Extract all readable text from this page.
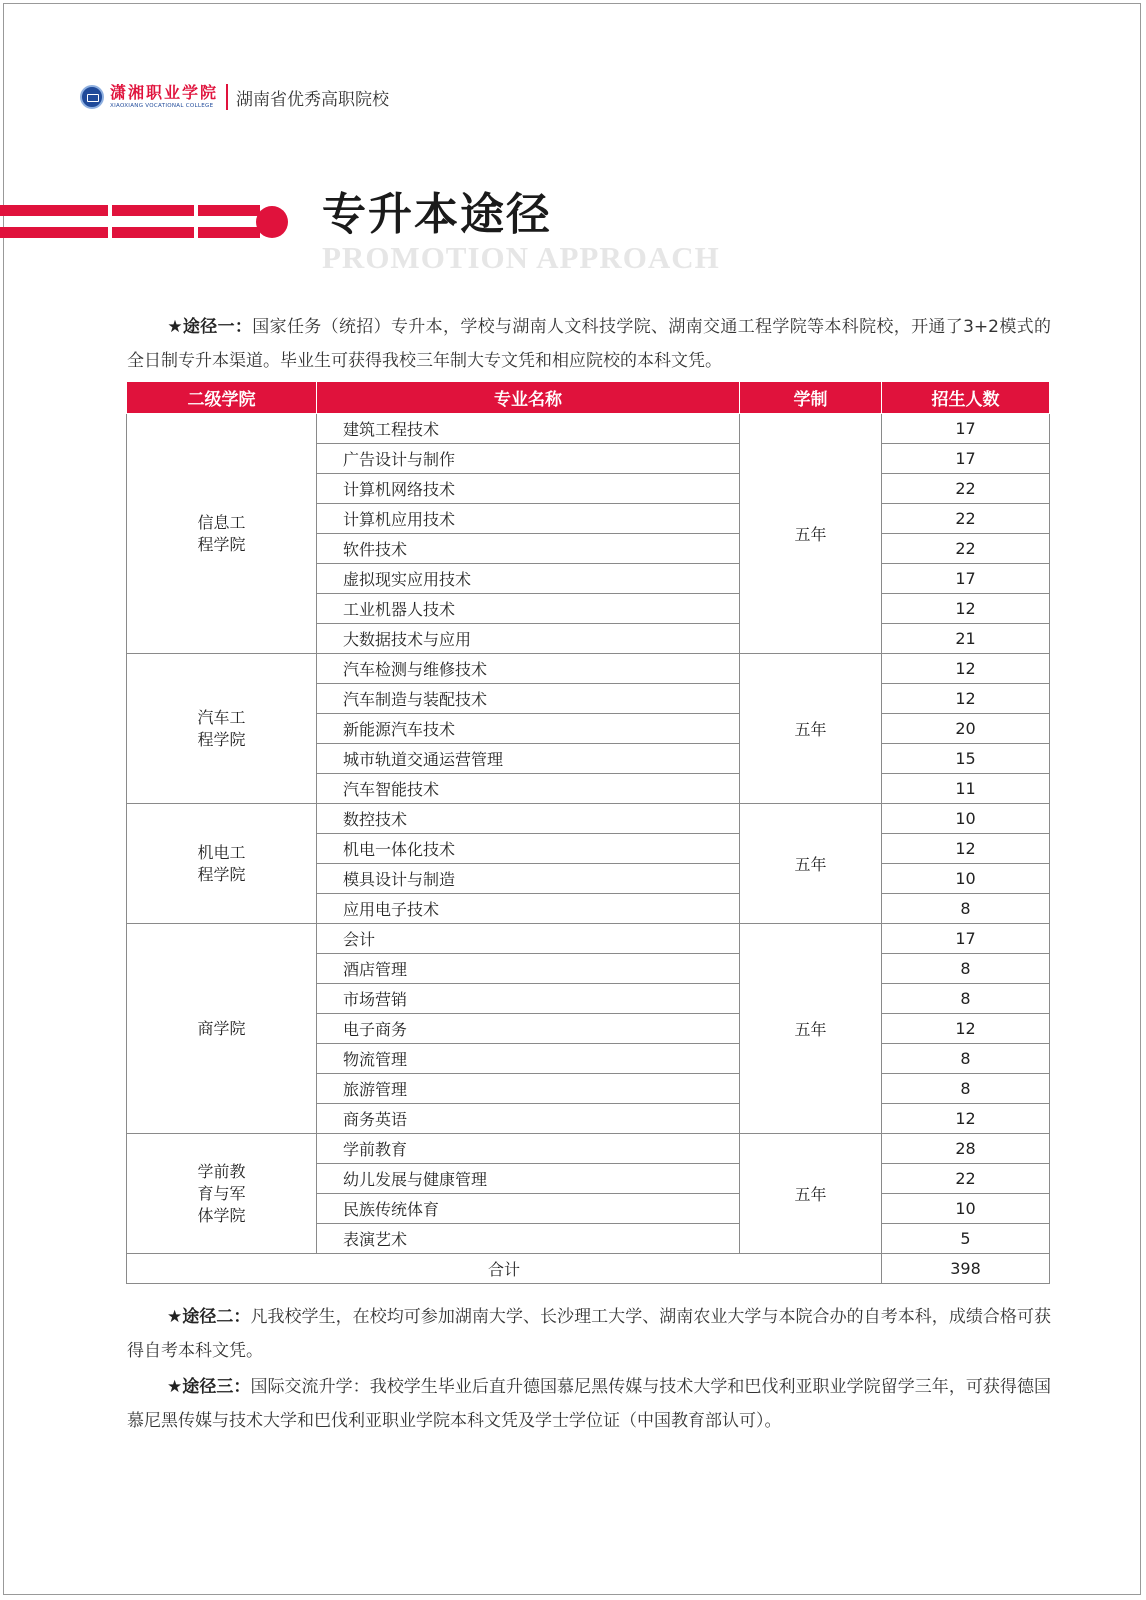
潇湘职业学院
XIAOXIANG VOCATIONAL COLLEGE 湖南省优秀高职院校
专升本途径
PROMOTION APPROACH
★途径一：国家任务（统招）专升本，学校与湖南人文科技学院、湖南交通工程学院等本科院校，开通了3+2模式的全日制专升本渠道。毕业生可获得我校三年制大专文凭和相应院校的本科文凭。
二级学院	专业名称	学制	招生人数
信息工
程学院	建筑工程技术	五年	17
	广告设计与制作		17
	计算机网络技术		22
	计算机应用技术		22
	软件技术		22
	虚拟现实应用技术		17
	工业机器人技术		12
	大数据技术与应用		21
汽车工
程学院	汽车检测与维修技术	五年	12
	汽车制造与装配技术		12
	新能源汽车技术		20
	城市轨道交通运营管理		15
	汽车智能技术		11
机电工
程学院	数控技术	五年	10
	机电一体化技术		12
	模具设计与制造		10
	应用电子技术		8
商学院	会计	五年	17
	酒店管理		8
	市场营销		8
	电子商务		12
	物流管理		8
	旅游管理		8
	商务英语		12
学前教
育与军
体学院	学前教育	五年	28
	幼儿发展与健康管理		22
	民族传统体育		10
	表演艺术		5
合计			398
★途径二：凡我校学生，在校均可参加湖南大学、长沙理工大学、湖南农业大学与本院合办的自考本科，成绩合格可获得自考本科文凭。
★途径三：国际交流升学：我校学生毕业后直升德国慕尼黑传媒与技术大学和巴伐利亚职业学院留学三年，可获得德国慕尼黑传媒与技术大学和巴伐利亚职业学院本科文凭及学士学位证（中国教育部认可）。
